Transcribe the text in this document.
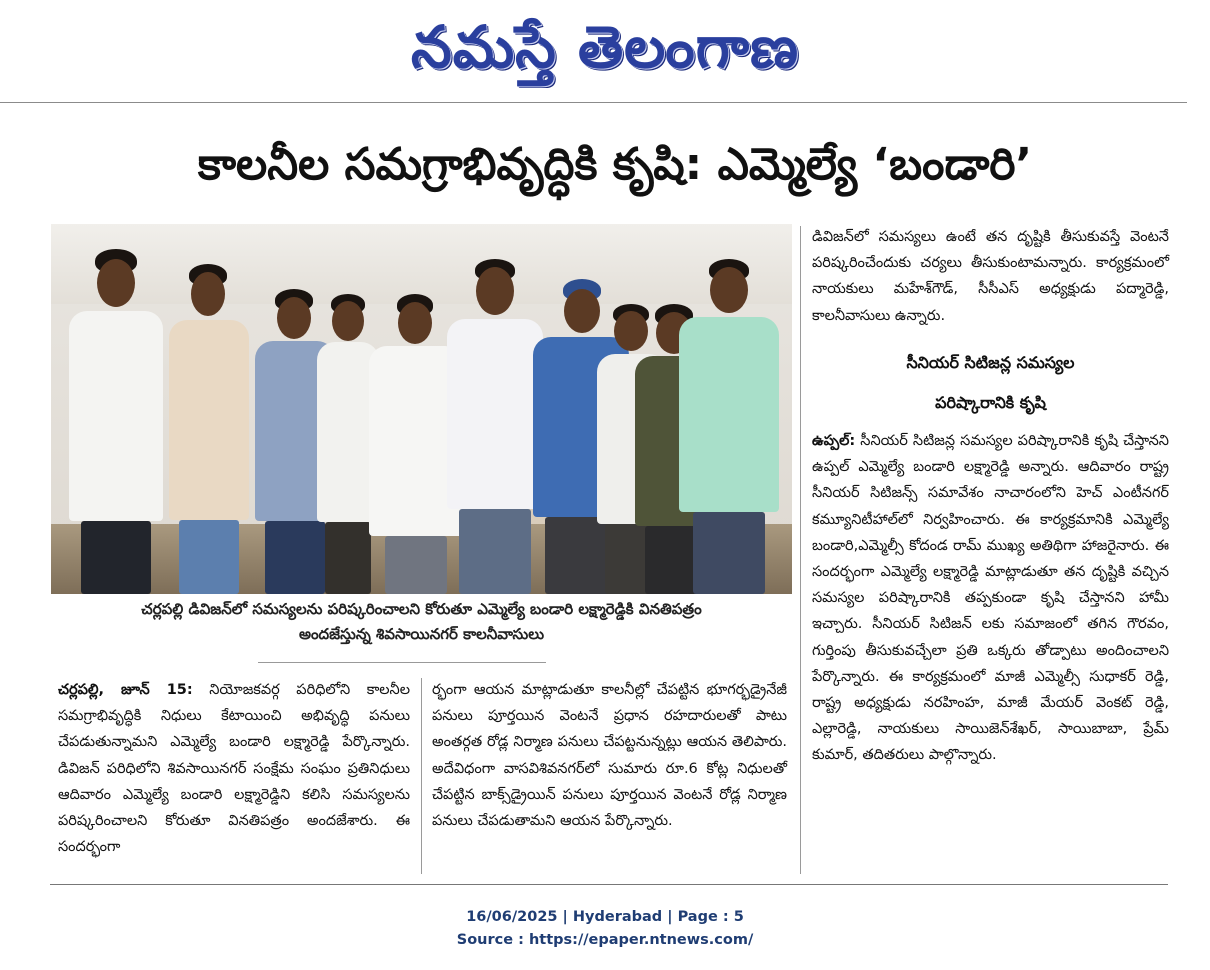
నమస్తే తెలంగాణ
కాలనీల సమగ్రాభివృద్ధికి కృషి: ఎమ్మెల్యే ‘బండారి’
చర్లపల్లి డివిజన్‌లో సమస్యలను పరిష్కరించాలని కోరుతూ ఎమ్మెల్యే బండారి లక్ష్మారెడ్డికి వినతిపత్రం
అందజేస్తున్న శివసాయినగర్ కాలనీవాసులు
చర్లపల్లి, జూన్ 15: నియోజకవర్గ పరిధిలోని కాలనీల సమగ్రాభివృద్ధికి నిధులు కేటాయించి అభివృద్ధి పనులు చేపడుతున్నామని ఎమ్మెల్యే బండారి లక్ష్మారెడ్డి పేర్కొన్నారు. డివిజన్ పరిధిలోని శివసాయినగర్ సంక్షేమ సంఘం ప్రతినిధులు ఆదివారం ఎమ్మెల్యే బండారి లక్ష్మారెడ్డిని కలిసి సమస్యలను పరిష్కరించాలని కోరుతూ వినతిపత్రం అందజేశారు. ఈ సందర్భంగా
ర్భంగా ఆయన మాట్లాడుతూ కాలనీల్లో చేపట్టిన భూగర్భడ్రైనేజీ పనులు పూర్తయిన వెంటనే ప్రధాన రహదారులతో పాటు అంతర్గత రోడ్ల నిర్మాణ పనులు చేపట్టనున్నట్లు ఆయన తెలిపారు. అదేవిధంగా వాసవిశివనగర్‌లో సుమారు రూ.6 కోట్ల నిధులతో చేపట్టిన బాక్స్‌డ్రైయిన్ పనులు పూర్తయిన వెంటనే రోడ్ల నిర్మాణ పనులు చేపడుతామని ఆయన పేర్కొన్నారు.
డివిజన్‌లో సమస్యలు ఉంటే తన దృష్టికి తీసుకువస్తే వెంటనే పరిష్కరించేందుకు చర్యలు తీసుకుంటామన్నారు. కార్యక్రమంలో నాయకులు మహేశ్‌గౌడ్, సీసీఎస్ అధ్యక్షుడు పద్మారెడ్డి, కాలనీవాసులు ఉన్నారు.
సీనియర్ సిటిజన్ల సమస్యల
పరిష్కారానికి కృషి
ఉప్పల్: సీనియర్ సిటిజన్ల సమస్యల పరిష్కారానికి కృషి చేస్తానని ఉప్పల్ ఎమ్మెల్యే బండారి లక్ష్మారెడ్డి అన్నారు. ఆదివారం రాష్ట్ర సీనియర్ సిటిజన్స్ సమావేశం నాచారంలోని హెచ్ ఎంటీనగర్ కమ్యూనిటీహాల్‌లో నిర్వహించారు. ఈ కార్యక్రమానికి ఎమ్మెల్యే బండారి,ఎమ్మెల్సీ కోదండ రామ్ ముఖ్య అతిథిగా హాజరైనారు. ఈ సందర్భంగా ఎమ్మెల్యే లక్ష్మారెడ్డి మాట్లాడుతూ తన దృష్టికి వచ్చిన సమస్యల పరిష్కారానికి తప్పకుండా కృషి చేస్తానని హామీ ఇచ్చారు. సీనియర్ సిటిజన్ లకు సమాజంలో తగిన గౌరవం, గుర్తింపు తీసుకువచ్చేలా ప్రతి ఒక్కరు తోడ్పాటు అందించాలని పేర్కొన్నారు. ఈ కార్యక్రమంలో మాజీ ఎమ్మెల్సీ సుధాకర్ రెడ్డి, రాష్ట్ర అధ్యక్షుడు నరహింహ, మాజీ మేయర్ వెంకట్ రెడ్డి, ఎల్లారెడ్డి, నాయకులు సాయిజెన్‌శేఖర్, సాయిబాబా, ప్రేమ్ కుమార్, తదితరులు పాల్గొన్నారు.
16/06/2025 | Hyderabad | Page : 5
Source : https://epaper.ntnews.com/
